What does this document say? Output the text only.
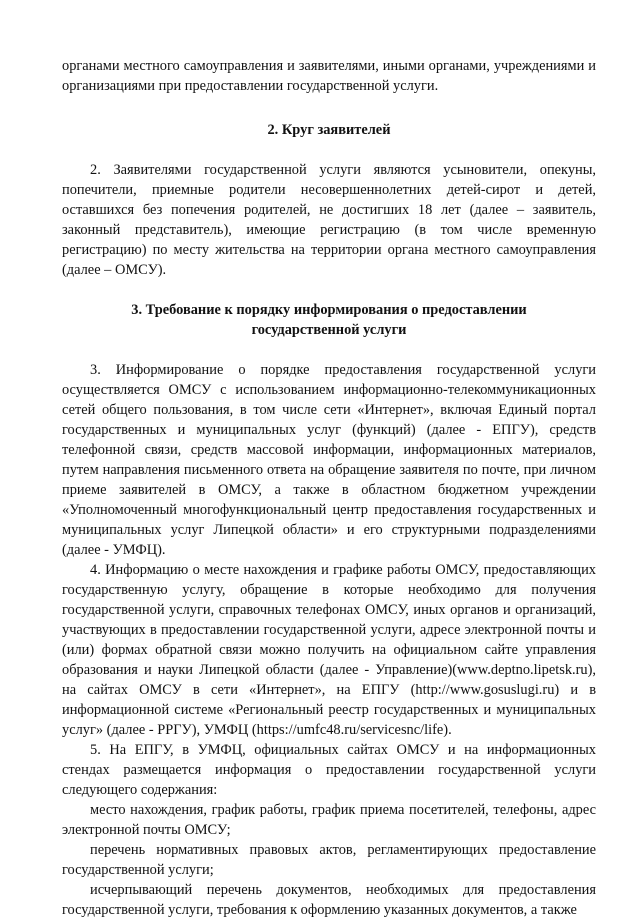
органами местного самоуправления и заявителями, иными органами, учреждениями и организациями при предоставлении государственной услуги.

2. Круг заявителей

2. Заявителями государственной услуги являются усыновители, опекуны, попечители, приемные родители несовершеннолетних детей-сирот и детей, оставшихся без попечения родителей, не достигших 18 лет (далее – заявитель, законный представитель), имеющие регистрацию (в том числе временную регистрацию) по месту жительства на территории органа местного самоуправления (далее – ОМСУ).

3. Требование к порядку информирования о предоставлении
государственной услуги

3. Информирование о порядке предоставления государственной услуги осуществляется ОМСУ с использованием информационно-телекоммуникационных сетей общего пользования, в том числе сети «Интернет», включая Единый портал государственных и муниципальных услуг (функций) (далее - ЕПГУ), средств телефонной связи, средств массовой информации, информационных материалов, путем направления письменного ответа на обращение заявителя по почте, при личном приеме заявителей в ОМСУ, а также в областном бюджетном учреждении «Уполномоченный многофункциональный центр предоставления государственных и муниципальных услуг Липецкой области» и его структурными подразделениями (далее - УМФЦ).

4. Информацию о месте нахождения и графике работы ОМСУ, предоставляющих государственную услугу, обращение в которые необходимо для получения государственной услуги, справочных телефонах ОМСУ, иных органов и организаций, участвующих в предоставлении государственной услуги, адресе электронной почты и (или) формах обратной связи можно получить на официальном сайте управления образования и науки Липецкой области (далее - Управление)(www.deptno.lipetsk.ru), на сайтах ОМСУ в сети «Интернет», на ЕПГУ (http://www.gosuslugi.ru) и в информационной системе «Региональный реестр государственных и муниципальных услуг» (далее - РРГУ), УМФЦ (https://umfc48.ru/servicesnc/life).

5. На ЕПГУ, в УМФЦ, официальных сайтах ОМСУ и на информационных стендах размещается информация о предоставлении государственной услуги следующего содержания:

место нахождения, график работы, график приема посетителей, телефоны, адрес электронной почты ОМСУ;

перечень нормативных правовых актов, регламентирующих предоставление государственной услуги;

исчерпывающий перечень документов, необходимых для предоставления государственной услуги, требования к оформлению указанных документов, а также
